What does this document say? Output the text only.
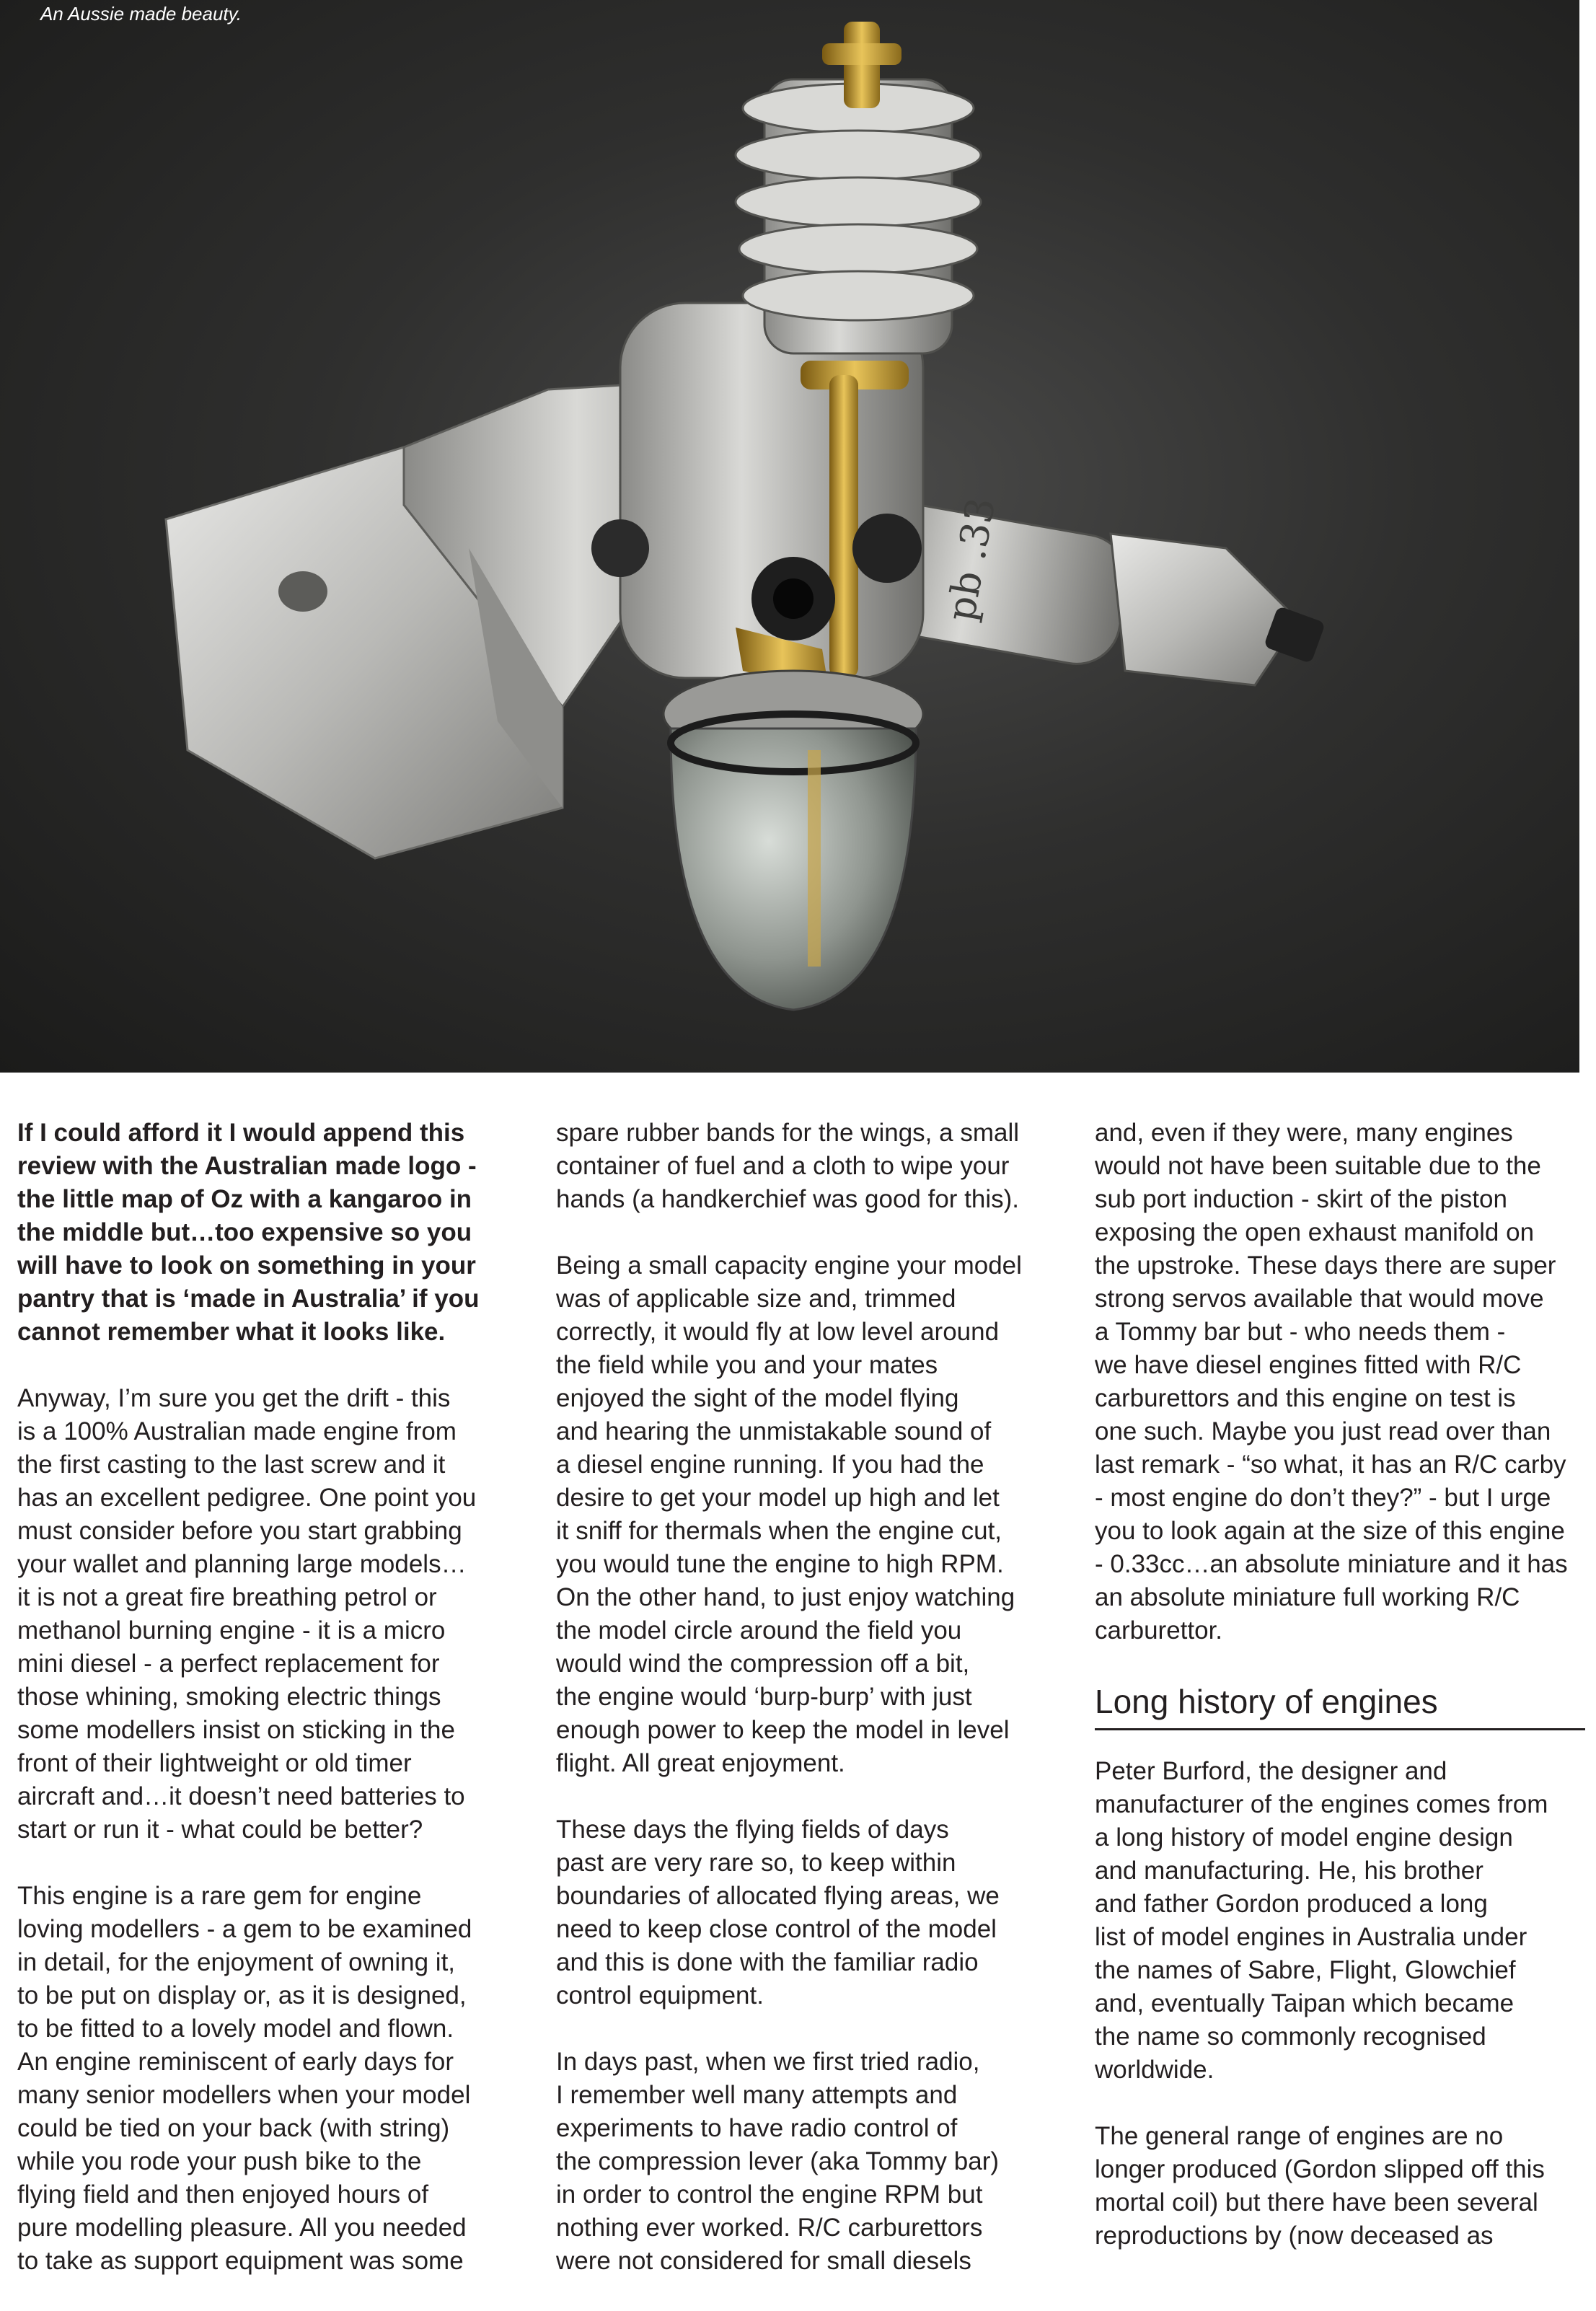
pb .33
An Aussie made beauty.

If I could afford it I would append this
review with the Australian made logo -
the little map of Oz with a kangaroo in
the middle but…too expensive so you
will have to look on something in your
pantry that is ‘made in Australia’ if you
cannot remember what it looks like.

Anyway, I’m sure you get the drift - this
is a 100% Australian made engine from
the first casting to the last screw and it
has an excellent pedigree. One point you
must consider before you start grabbing
your wallet and planning large models…
it is not a great fire breathing petrol or
methanol burning engine - it is a micro
mini diesel - a perfect replacement for
those whining, smoking electric things
some modellers insist on sticking in the
front of their lightweight or old timer
aircraft and…it doesn’t need batteries to
start or run it - what could be better?

This engine is a rare gem for engine
loving modellers - a gem to be examined
in detail, for the enjoyment of owning it,
to be put on display or, as it is designed,
to be fitted to a lovely model and flown.
An engine reminiscent of early days for
many senior modellers when your model
could be tied on your back (with string)
while you rode your push bike to the
flying field and then enjoyed hours of
pure modelling pleasure. All you needed
to take as support equipment was some

spare rubber bands for the wings, a small
container of fuel and a cloth to wipe your
hands (a handkerchief was good for this).

Being a small capacity engine your model
was of applicable size and, trimmed
correctly, it would fly at low level around
the field while you and your mates
enjoyed the sight of the model flying
and hearing the unmistakable sound of
a diesel engine running. If you had the
desire to get your model up high and let
it sniff for thermals when the engine cut,
you would tune the engine to high RPM.
On the other hand, to just enjoy watching
the model circle around the field you
would wind the compression off a bit,
the engine would ‘burp-burp’ with just
enough power to keep the model in level
flight. All great enjoyment.

These days the flying fields of days
past are very rare so, to keep within
boundaries of allocated flying areas, we
need to keep close control of the model
and this is done with the familiar radio
control equipment.

In days past, when we first tried radio,
I remember well many attempts and
experiments to have radio control of
the compression lever (aka Tommy bar)
in order to control the engine RPM but
nothing ever worked. R/C carburettors
were not considered for small diesels

and, even if they were, many engines
would not have been suitable due to the
sub port induction - skirt of the piston
exposing the open exhaust manifold on
the upstroke. These days there are super
strong servos available that would move
a Tommy bar but - who needs them -
we have diesel engines fitted with R/C
carburettors and this engine on test is
one such. Maybe you just read over than
last remark - “so what, it has an R/C carby
- most engine do don’t they?” - but I urge
you to look again at the size of this engine
- 0.33cc…an absolute miniature and it has
an absolute miniature full working R/C
carburettor.

Long history of engines

Peter Burford, the designer and
manufacturer of the engines comes from
a long history of model engine design
and manufacturing. He, his brother
and father Gordon produced a long
list of model engines in Australia under
the names of Sabre, Flight, Glowchief
and, eventually Taipan which became
the name so commonly recognised
worldwide.

The general range of engines are no
longer produced (Gordon slipped off this
mortal coil) but there have been several
reproductions by (now deceased as
